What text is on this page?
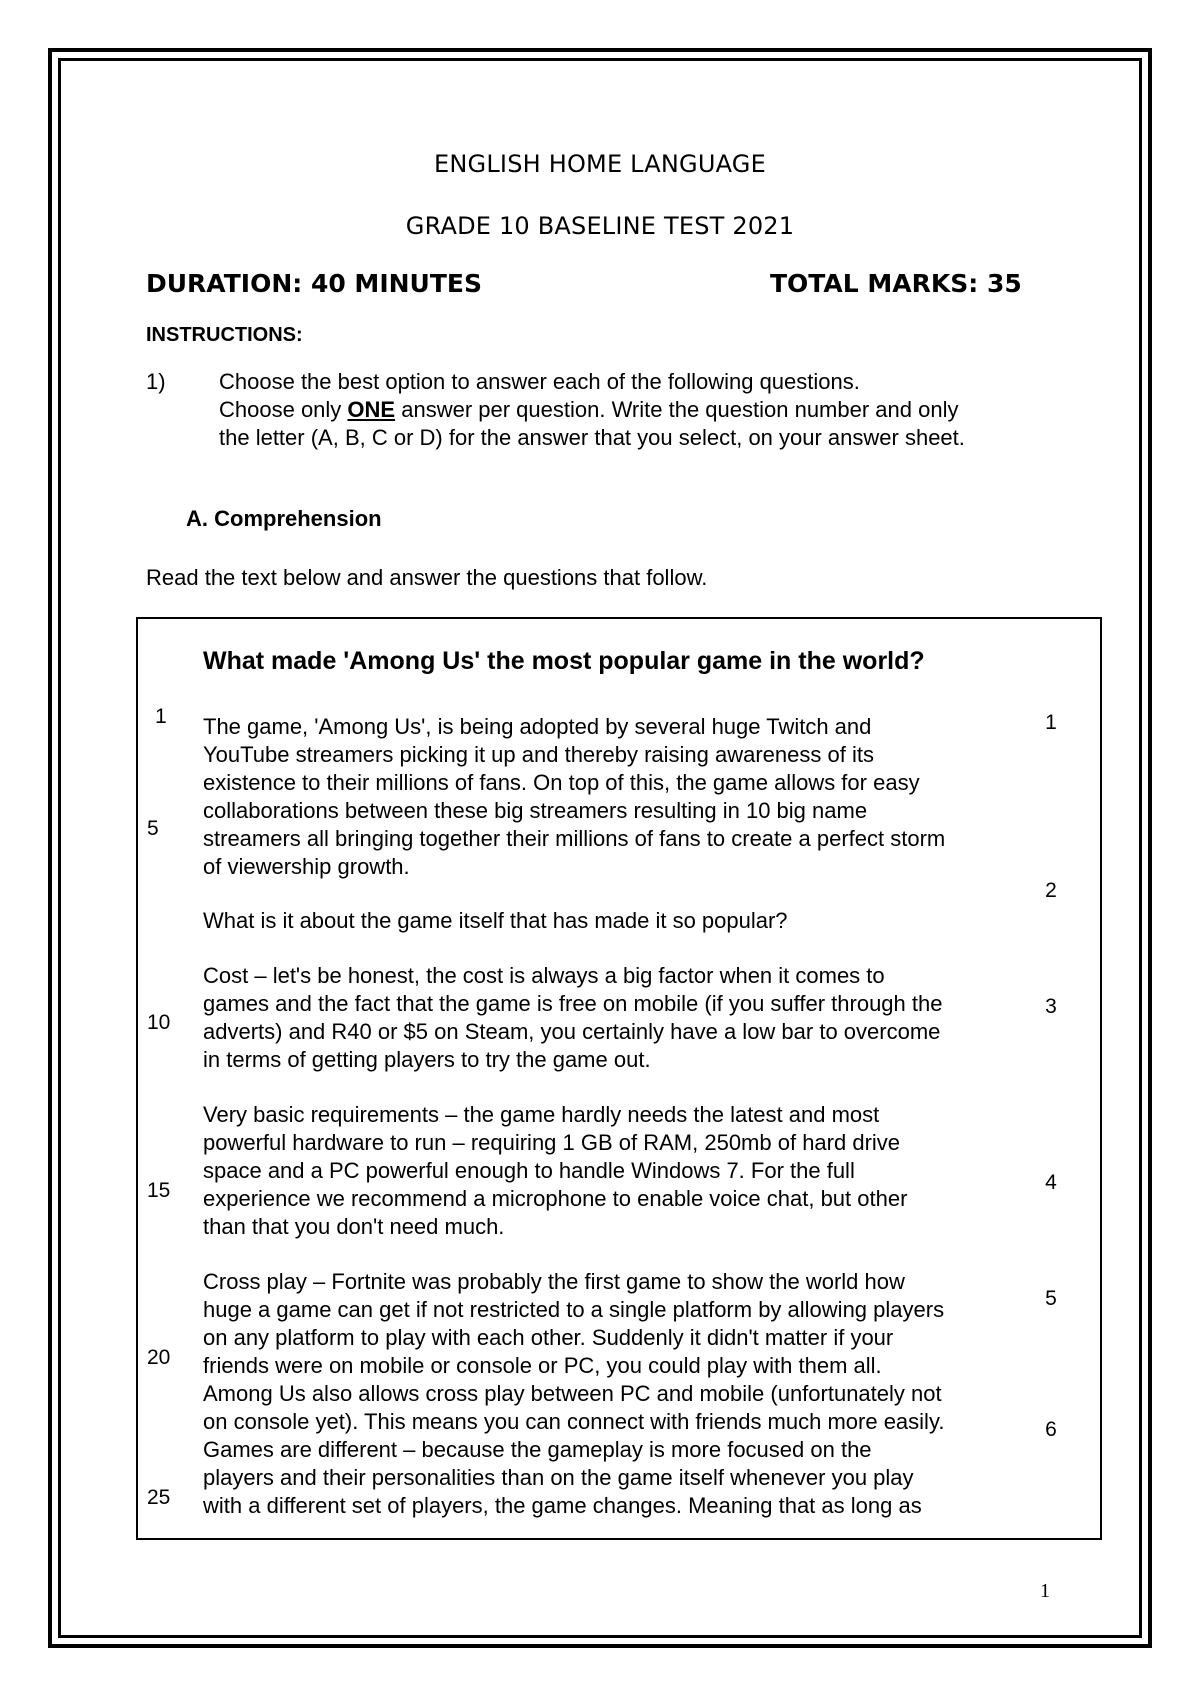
ENGLISH HOME LANGUAGE
GRADE 10 BASELINE TEST 2021
DURATION: 40 MINUTES	TOTAL MARKS: 35
INSTRUCTIONS:
1) Choose the best option to answer each of the following questions.
Choose only ONE answer per question. Write the question number and only
the letter (A, B, C or D) for the answer that you select, on your answer sheet.
A. Comprehension
Read the text below and answer the questions that follow.
What made 'Among Us' the most popular game in the world?
The game, 'Among Us', is being adopted by several huge Twitch and
YouTube streamers picking it up and thereby raising awareness of its
existence to their millions of fans. On top of this, the game allows for easy
collaborations between these big streamers resulting in 10 big name
streamers all bringing together their millions of fans to create a perfect storm
of viewership growth.
What is it about the game itself that has made it so popular?
Cost – let's be honest, the cost is always a big factor when it comes to
games and the fact that the game is free on mobile (if you suffer through the
adverts) and R40 or $5 on Steam, you certainly have a low bar to overcome
in terms of getting players to try the game out.
Very basic requirements – the game hardly needs the latest and most
powerful hardware to run – requiring 1 GB of RAM, 250mb of hard drive
space and a PC powerful enough to handle Windows 7. For the full
experience we recommend a microphone to enable voice chat, but other
than that you don't need much.
Cross play – Fortnite was probably the first game to show the world how
huge a game can get if not restricted to a single platform by allowing players
on any platform to play with each other. Suddenly it didn't matter if your
friends were on mobile or console or PC, you could play with them all.
Among Us also allows cross play between PC and mobile (unfortunately not
on console yet). This means you can connect with friends much more easily.
Games are different – because the gameplay is more focused on the
players and their personalities than on the game itself whenever you play
with a different set of players, the game changes. Meaning that as long as
1
5
10
15
20
25
1
2
3
4
5
6
1
